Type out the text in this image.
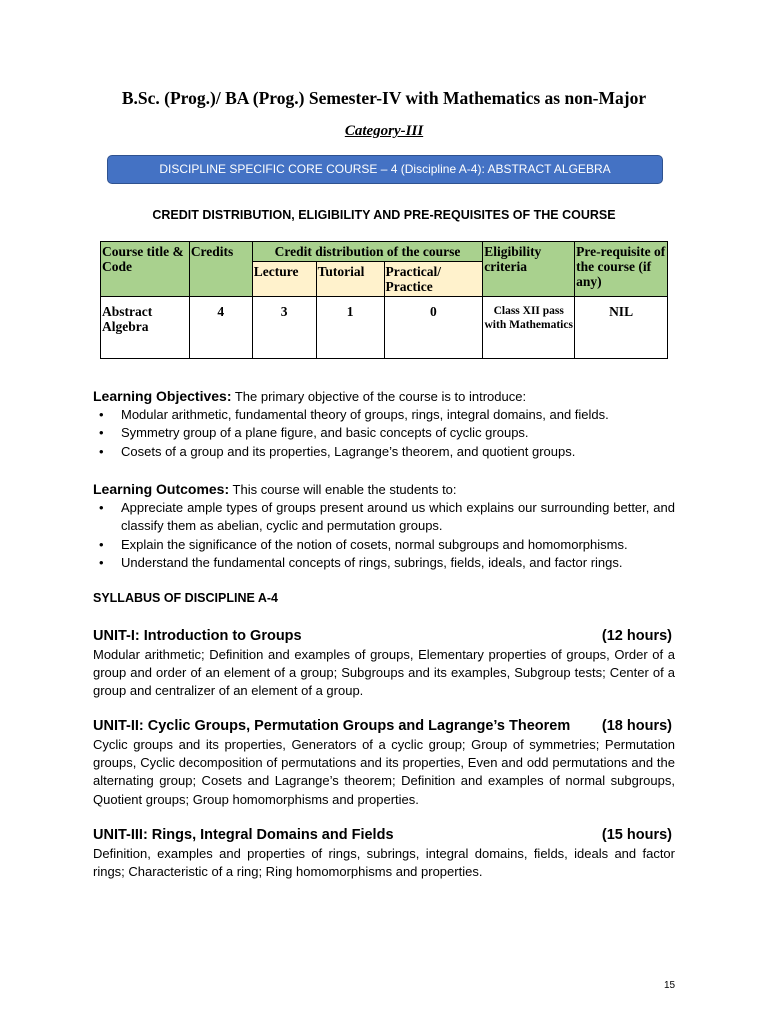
B.Sc. (Prog.)/ BA (Prog.) Semester-IV with Mathematics as non-Major
Category-III
DISCIPLINE SPECIFIC CORE COURSE – 4 (Discipline A-4): ABSTRACT ALGEBRA
CREDIT DISTRIBUTION, ELIGIBILITY AND PRE-REQUISITES OF THE COURSE
Course title & Code	Credits	Credit distribution of the course			Eligibility criteria	Pre-requisite of the course (if any)
		Lecture	Tutorial	Practical/ Practice		
Abstract Algebra	4	3	1	0	Class XII pass with Mathematics	NIL

Learning Objectives: The primary objective of the course is to introduce:

• Modular arithmetic, fundamental theory of groups, rings, integral domains, and fields.
• Symmetry group of a plane figure, and basic concepts of cyclic groups.
• Cosets of a group and its properties, Lagrange’s theorem, and quotient groups.

Learning Outcomes: This course will enable the students to:

• Appreciate ample types of groups present around us which explains our surrounding better, and classify them as abelian, cyclic and permutation groups.
• Explain the significance of the notion of cosets, normal subgroups and homomorphisms.
• Understand the fundamental concepts of rings, subrings, fields, ideals, and factor rings.
SYLLABUS OF DISCIPLINE A-4
UNIT-I: Introduction to Groups	(12 hours)
Modular arithmetic; Definition and examples of groups, Elementary properties of groups, Order of a group and order of an element of a group; Subgroups and its examples, Subgroup tests; Center of a group and centralizer of an element of a group.
UNIT-II: Cyclic Groups, Permutation Groups and Lagrange’s Theorem (18 hours)
Cyclic groups and its properties, Generators of a cyclic group; Group of symmetries; Permutation groups, Cyclic decomposition of permutations and its properties, Even and odd permutations and the alternating group; Cosets and Lagrange’s theorem; Definition and examples of normal subgroups, Quotient groups; Group homomorphisms and properties.
UNIT-III: Rings, Integral Domains and Fields	(15 hours)
Definition, examples and properties of rings, subrings, integral domains, fields, ideals and factor rings; Characteristic of a ring; Ring homomorphisms and properties.
15
